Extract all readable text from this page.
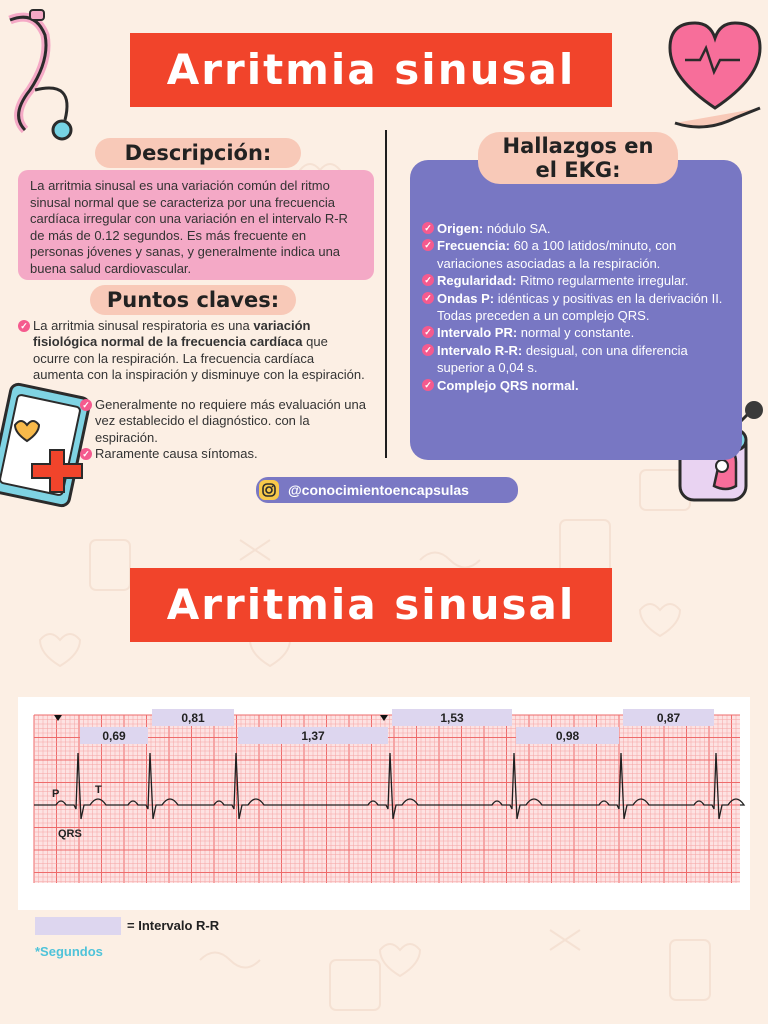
Arritmia sinusal
Descripción:
La arritmia sinusal es una variación común del ritmo sinusal normal que se caracteriza por una frecuencia cardíaca irregular con una variación en el intervalo R-R de más de 0.12 segundos. Es más frecuente en personas jóvenes y sanas, y generalmente indica una buena salud cardiovascular.
Puntos claves:
✓ La arritmia sinusal respiratoria es una variación fisiológica normal de la frecuencia cardíaca que ocurre con la respiración. La frecuencia cardíaca aumenta con la inspiración y disminuye con la espiración.
✓ Generalmente no requiere más evaluación una vez establecido el diagnóstico. con la espiración.
✓ Raramente causa síntomas.
✓ Origen: nódulo SA.
✓ Frecuencia: 60 a 100 latidos/minuto, con variaciones asociadas a la respiración.
✓ Regularidad: Ritmo regularmente irregular.
✓ Ondas P: idénticas y positivas en la derivación II. Todas preceden a un complejo QRS.
✓ Intervalo PR: normal y constante.
✓ Intervalo R-R: desigual, con una diferencia superior a 0,04 s.
✓ Complejo QRS normal.
Hallazgos en
el EKG:
@conocimientoencapsulas
Arritmia sinusal
0,69
0,81
1,37
1,53
0,98
0,87
P	T
QRS
= Intervalo R-R
*Segundos
